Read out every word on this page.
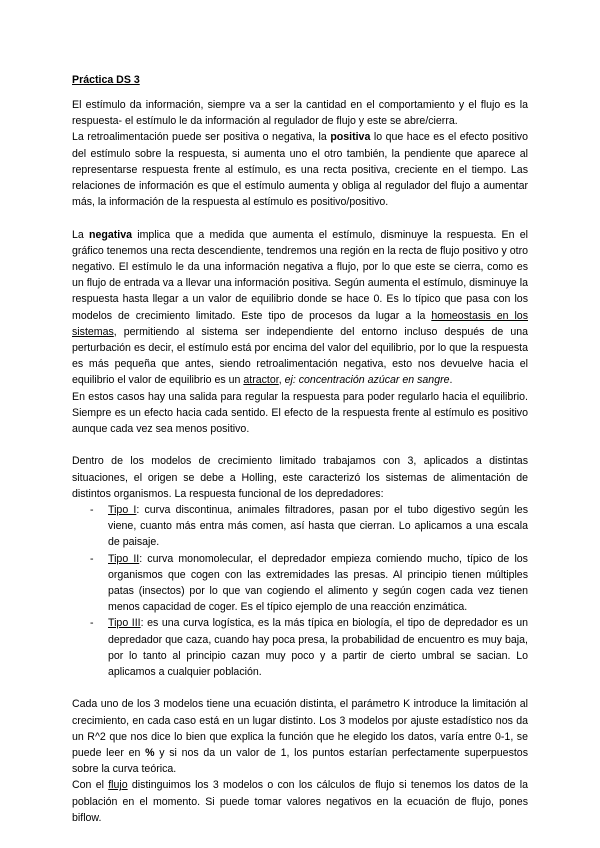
Práctica DS 3

El estímulo da información, siempre va a ser la cantidad en el comportamiento y el flujo es la respuesta- el estímulo le da información al regulador de flujo y este se abre/cierra.

La retroalimentación puede ser positiva o negativa, la positiva lo que hace es el efecto positivo del estímulo sobre la respuesta, si aumenta uno el otro también, la pendiente que aparece al representarse respuesta frente al estímulo, es una recta positiva, creciente en el tiempo. Las relaciones de información es que el estímulo aumenta y obliga al regulador del flujo a aumentar más, la información de la respuesta al estímulo es positivo/positivo.

La negativa implica que a medida que aumenta el estímulo, disminuye la respuesta. En el gráfico tenemos una recta descendiente, tendremos una región en la recta de flujo positivo y otro negativo. El estímulo le da una información negativa a flujo, por lo que este se cierra, como es un flujo de entrada va a llevar una información positiva. Según aumenta el estímulo, disminuye la respuesta hasta llegar a un valor de equilibrio donde se hace 0. Es lo típico que pasa con los modelos de crecimiento limitado. Este tipo de procesos da lugar a la homeostasis en los sistemas, permitiendo al sistema ser independiente del entorno incluso después de una perturbación es decir, el estímulo está por encima del valor del equilibrio, por lo que la respuesta es más pequeña que antes, siendo retroalimentación negativa, esto nos devuelve hacia el equilibrio el valor de equilibrio es un atractor, ej: concentración azúcar en sangre.

En estos casos hay una salida para regular la respuesta para poder regularlo hacia el equilibrio. Siempre es un efecto hacia cada sentido. El efecto de la respuesta frente al estímulo es positivo aunque cada vez sea menos positivo.

Dentro de los modelos de crecimiento limitado trabajamos con 3, aplicados a distintas situaciones, el origen se debe a Holling, este caracterizó los sistemas de alimentación de distintos organismos. La respuesta funcional de los depredadores:

- Tipo I: curva discontinua, animales filtradores, pasan por el tubo digestivo según les viene, cuanto más entra más comen, así hasta que cierran. Lo aplicamos a una escala de paisaje.
- Tipo II: curva monomolecular, el depredador empieza comiendo mucho, típico de los organismos que cogen con las extremidades las presas. Al principio tienen múltiples patas (insectos) por lo que van cogiendo el alimento y según cogen cada vez tienen menos capacidad de coger. Es el típico ejemplo de una reacción enzimática.
- Tipo III: es una curva logística, es la más típica en biología, el tipo de depredador es un depredador que caza, cuando hay poca presa, la probabilidad de encuentro es muy baja, por lo tanto al principio cazan muy poco y a partir de cierto umbral se sacian. Lo aplicamos a cualquier población.

Cada uno de los 3 modelos tiene una ecuación distinta, el parámetro K introduce la limitación al crecimiento, en cada caso está en un lugar distinto. Los 3 modelos por ajuste estadístico nos da un R^2 que nos dice lo bien que explica la función que he elegido los datos, varía entre 0-1, se puede leer en % y si nos da un valor de 1, los puntos estarían perfectamente superpuestos sobre la curva teórica.

Con el flujo distinguimos los 3 modelos o con los cálculos de flujo si tenemos los datos de la población en el momento. Si puede tomar valores negativos en la ecuación de flujo, pones biflow.
